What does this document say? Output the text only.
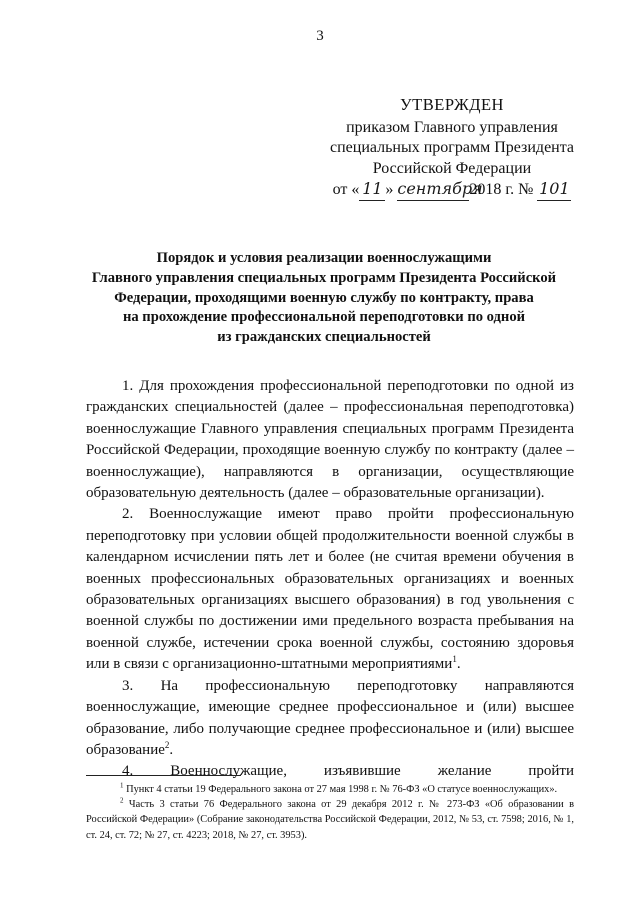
3
УТВЕРЖДЕН
приказом Главного управления
специальных программ Президента
Российской Федерации
от « 11 » сентября2018 г. № 101
Порядок и условия реализации военнослужащими
Главного управления специальных программ Президента Российской
Федерации, проходящими военную службу по контракту, права
на прохождение профессиональной переподготовки по одной
из гражданских специальностей

1. Для прохождения профессиональной переподготовки по одной из гражданских специальностей (далее – профессиональная переподготовка) военнослужащие Главного управления специальных программ Президента Российской Федерации, проходящие военную службу по контракту (далее – военнослужащие), направляются в организации, осуществляющие образовательную деятельность (далее – образовательные организации).

2. Военнослужащие имеют право пройти профессиональную переподготовку при условии общей продолжительности военной службы в календарном исчислении пять лет и более (не считая времени обучения в военных профессиональных образовательных организациях и военных образовательных организациях высшего образования) в год увольнения с военной службы по достижении ими предельного возраста пребывания на военной службе, истечении срока военной службы, состоянию здоровья или в связи с организационно-штатными мероприятиями$^1$.

3. На профессиональную переподготовку направляются военнослужащие, имеющие среднее профессиональное и (или) высшее образование, либо получающие среднее профессиональное и (или) высшее образование$^2$.

4. Военнослужащие, изъявившие желание пройти

$^1$ Пункт 4 статьи 19 Федерального закона от 27 мая 1998 г. № 76-ФЗ «О статусе военнослужащих».

$^2$ Часть 3 статьи 76 Федерального закона от 29 декабря 2012 г. № 273-ФЗ «Об образовании в Российской Федерации» (Собрание законодательства Российской Федерации, 2012, № 53, ст. 7598; 2016, № 1, ст. 24, ст. 72; № 27, ст. 4223; 2018, № 27, ст. 3953).
